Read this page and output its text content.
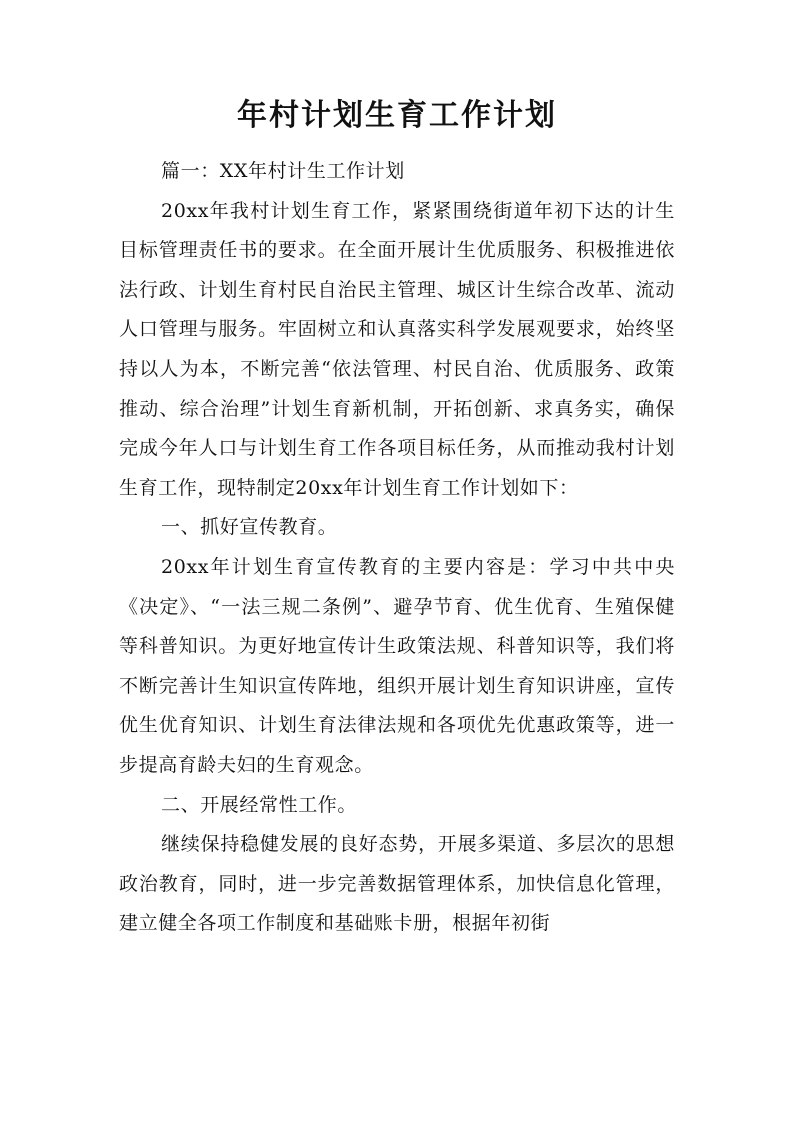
年村计划生育工作计划

篇一：XX年村计生工作计划

20xx年我村计划生育工作，紧紧围绕街道年初下达的计生目标管理责任书的要求。在全面开展计生优质服务、积极推进依法行政、计划生育村民自治民主管理、城区计生综合改革、流动人口管理与服务。牢固树立和认真落实科学发展观要求，始终坚持以人为本，不断完善“依法管理、村民自治、优质服务、政策推动、综合治理”计划生育新机制，开拓创新、求真务实，确保完成今年人口与计划生育工作各项目标任务，从而推动我村计划生育工作，现特制定20xx年计划生育工作计划如下：

一、抓好宣传教育。

20xx年计划生育宣传教育的主要内容是：学习中共中央《决定》、“一法三规二条例”、避孕节育、优生优育、生殖保健等科普知识。为更好地宣传计生政策法规、科普知识等，我们将不断完善计生知识宣传阵地，组织开展计划生育知识讲座，宣传优生优育知识、计划生育法律法规和各项优先优惠政策等，进一步提高育龄夫妇的生育观念。

二、开展经常性工作。

继续保持稳健发展的良好态势，开展多渠道、多层次的思想政治教育，同时，进一步完善数据管理体系，加快信息化管理，建立健全各项工作制度和基础账卡册，根据年初街
